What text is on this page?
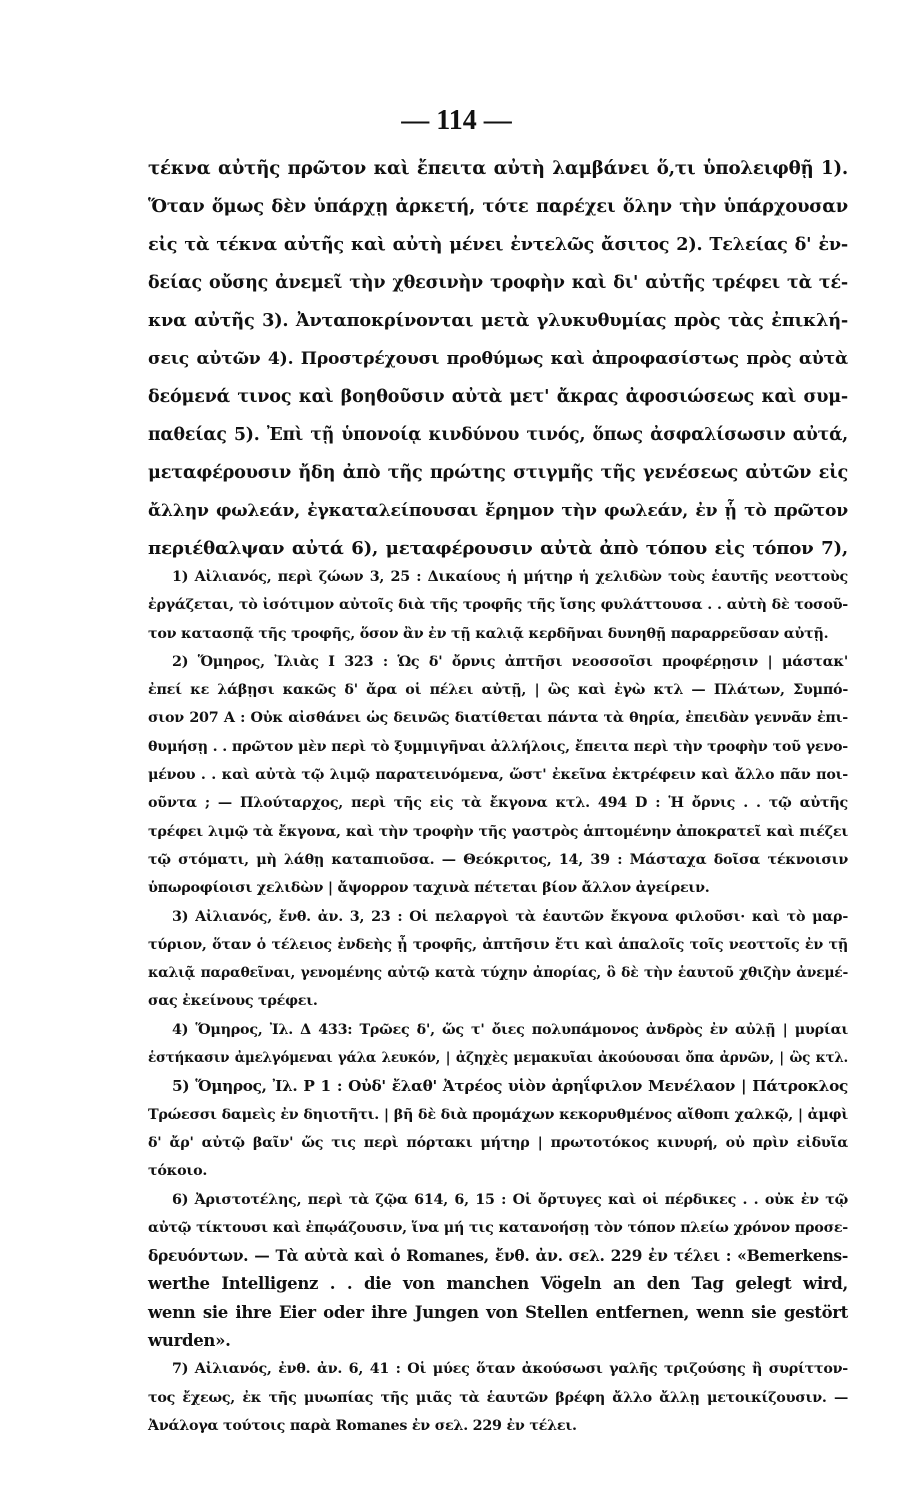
— 114 —
τέκνα αὐτῆς πρῶτον καὶ ἔπειτα αὐτὴ λαμβάνει ὅ,τι ὑπολειφθῇ 1).
Ὅταν ὅμως δὲν ὑπάρχῃ ἀρκετή, τότε παρέχει ὅλην τὴν ὑπάρχουσαν
εἰς τὰ τέκνα αὐτῆς καὶ αὐτὴ μένει ἐντελῶς ἄσιτος 2). Τελείας δ' ἐν-
δείας οὔσης ἀνεμεῖ τὴν χθεσινὴν τροφὴν καὶ δι' αὐτῆς τρέφει τὰ τέ-
κνα αὐτῆς 3). Ἀνταποκρίνονται μετὰ γλυκυθυμίας πρὸς τὰς ἐπικλή-
σεις αὐτῶν 4). Προστρέχουσι προθύμως καὶ ἀπροφασίστως πρὸς αὐτὰ
δεόμενά τινος καὶ βοηθοῦσιν αὐτὰ μετ' ἄκρας ἀφοσιώσεως καὶ συμ-
παθείας 5). Ἐπὶ τῇ ὑπονοίᾳ κινδύνου τινός, ὅπως ἀσφαλίσωσιν αὐτά,
μεταφέρουσιν ἤδη ἀπὸ τῆς πρώτης στιγμῆς τῆς γενέσεως αὐτῶν εἰς
ἄλλην φωλεάν, ἐγκαταλείπουσαι ἔρημον τὴν φωλεάν, ἐν ᾗ τὸ πρῶτον
περιέθαλψαν αὐτά 6), μεταφέρουσιν αὐτὰ ἀπὸ τόπου εἰς τόπον 7),
1) Αἰλιανός, περὶ ζώων 3, 25 : Δικαίους ἡ μήτηρ ἡ χελιδὼν τοὺς ἑαυτῆς νεοττοὺς
ἐργάζεται, τὸ ἰσότιμον αὐτοῖς διὰ τῆς τροφῆς τῆς ἴσης φυλάττουσα . . αὐτὴ δὲ τοσοῦ-
τον κατασπᾷ τῆς τροφῆς, ὅσον ἂν ἐν τῇ καλιᾷ κερδῆναι δυνηθῇ παραρρεῦσαν αὐτῇ.
2) Ὅμηρος, Ἰλιὰς Ι 323 : Ὡς δ' ὄρνις ἀπτῆσι νεοσσοῖσι προφέρῃσιν | μάστακ'
ἐπεί κε λάβῃσι κακῶς δ' ἄρα οἱ πέλει αὐτῇ, | ὣς καὶ ἐγὼ κτλ — Πλάτων, Συμπό-
σιον 207 Α : Οὐκ αἰσθάνει ὡς δεινῶς διατίθεται πάντα τὰ θηρία, ἐπειδὰν γεννᾶν ἐπι-
θυμήσῃ . . πρῶτον μὲν περὶ τὸ ξυμμιγῆναι ἀλλήλοις, ἔπειτα περὶ τὴν τροφὴν τοῦ γενο-
μένου . . καὶ αὐτὰ τῷ λιμῷ παρατεινόμενα, ὥστ' ἐκεῖνα ἐκτρέφειν καὶ ἄλλο πᾶν ποι-
οῦντα ; — Πλούταρχος, περὶ τῆς εἰς τὰ ἔκγονα κτλ. 494 D : Ἡ ὄρνις . . τῷ αὐτῆς
τρέφει λιμῷ τὰ ἔκγονα, καὶ τὴν τροφὴν τῆς γαστρὸς ἁπτομένην ἀποκρατεῖ καὶ πιέζει
τῷ στόματι, μὴ λάθῃ καταπιοῦσα. — Θεόκριτος, 14, 39 : Μάσταχα δοῖσα τέκνοισιν
ὑπωροφίοισι χελιδὼν | ἄψορρον ταχινὰ πέτεται βίον ἄλλον ἀγείρειν.
3) Αἰλιανός, ἔνθ. ἀν. 3, 23 : Οἱ πελαργοὶ τὰ ἑαυτῶν ἔκγονα φιλοῦσι· καὶ τὸ μαρ-
τύριον, ὅταν ὁ τέλειος ἐνδεὴς ᾖ τροφῆς, ἀπτῆσιν ἔτι καὶ ἁπαλοῖς τοῖς νεοττοῖς ἐν τῇ
καλιᾷ παραθεῖναι, γενομένης αὐτῷ κατὰ τύχην ἀπορίας, ὃ δὲ τὴν ἑαυτοῦ χθιζὴν ἀνεμέ-
σας ἐκείνους τρέφει.
4) Ὅμηρος, Ἰλ. Δ 433: Τρῶες δ', ὥς τ' ὄιες πολυπάμονος ἀνδρὸς ἐν αὐλῇ | μυρίαι
ἑστήκασιν ἀμελγόμεναι γάλα λευκόν, | ἀζηχὲς μεμακυῖαι ἀκούουσαι ὄπα ἀρνῶν, | ὣς κτλ.
5) Ὅμηρος, Ἰλ. Ρ 1 : Οὐδ' ἔλαθ' Ἀτρέος υἱὸν ἀρηΐφιλον Μενέλαον | Πάτροκλος
Τρώεσσι δαμεὶς ἐν δηιοτῆτι. | βῆ δὲ διὰ προμάχων κεκορυθμένος αἴθοπι χαλκῷ, | ἀμφὶ
δ' ἄρ' αὐτῷ βαῖν' ὥς τις περὶ πόρτακι μήτηρ | πρωτοτόκος κινυρή, οὐ πρὶν εἰδυῖα
τόκοιο.
6) Ἀριστοτέλης, περὶ τὰ ζῷα 614, 6, 15 : Οἱ ὄρτυγες καὶ οἱ πέρδικες . . οὐκ ἐν τῷ
αὐτῷ τίκτουσι καὶ ἐπῳάζουσιν, ἵνα μή τις κατανοήσῃ τὸν τόπον πλείω χρόνον προσε-
δρευόντων. — Τὰ αὐτὰ καὶ ὁ Romanes, ἔνθ. ἀν. σελ. 229 ἐν τέλει : «Bemerkens-
werthe Intelligenz . . die von manchen Vögeln an den Tag gelegt wird,
wenn sie ihre Eier oder ihre Jungen von Stellen entfernen, wenn sie gestört
wurden».
7) Αἰλιανός, ἐνθ. ἀν. 6, 41 : Οἱ μύες ὅταν ἀκούσωσι γαλῆς τριζούσης ἢ συρίττον-
τος ἔχεως, ἐκ τῆς μυωπίας τῆς μιᾶς τὰ ἑαυτῶν βρέφη ἄλλο ἄλλῃ μετοικίζουσιν. —
Ἀνάλογα τούτοις παρὰ Romanes ἐν σελ. 229 ἐν τέλει.
